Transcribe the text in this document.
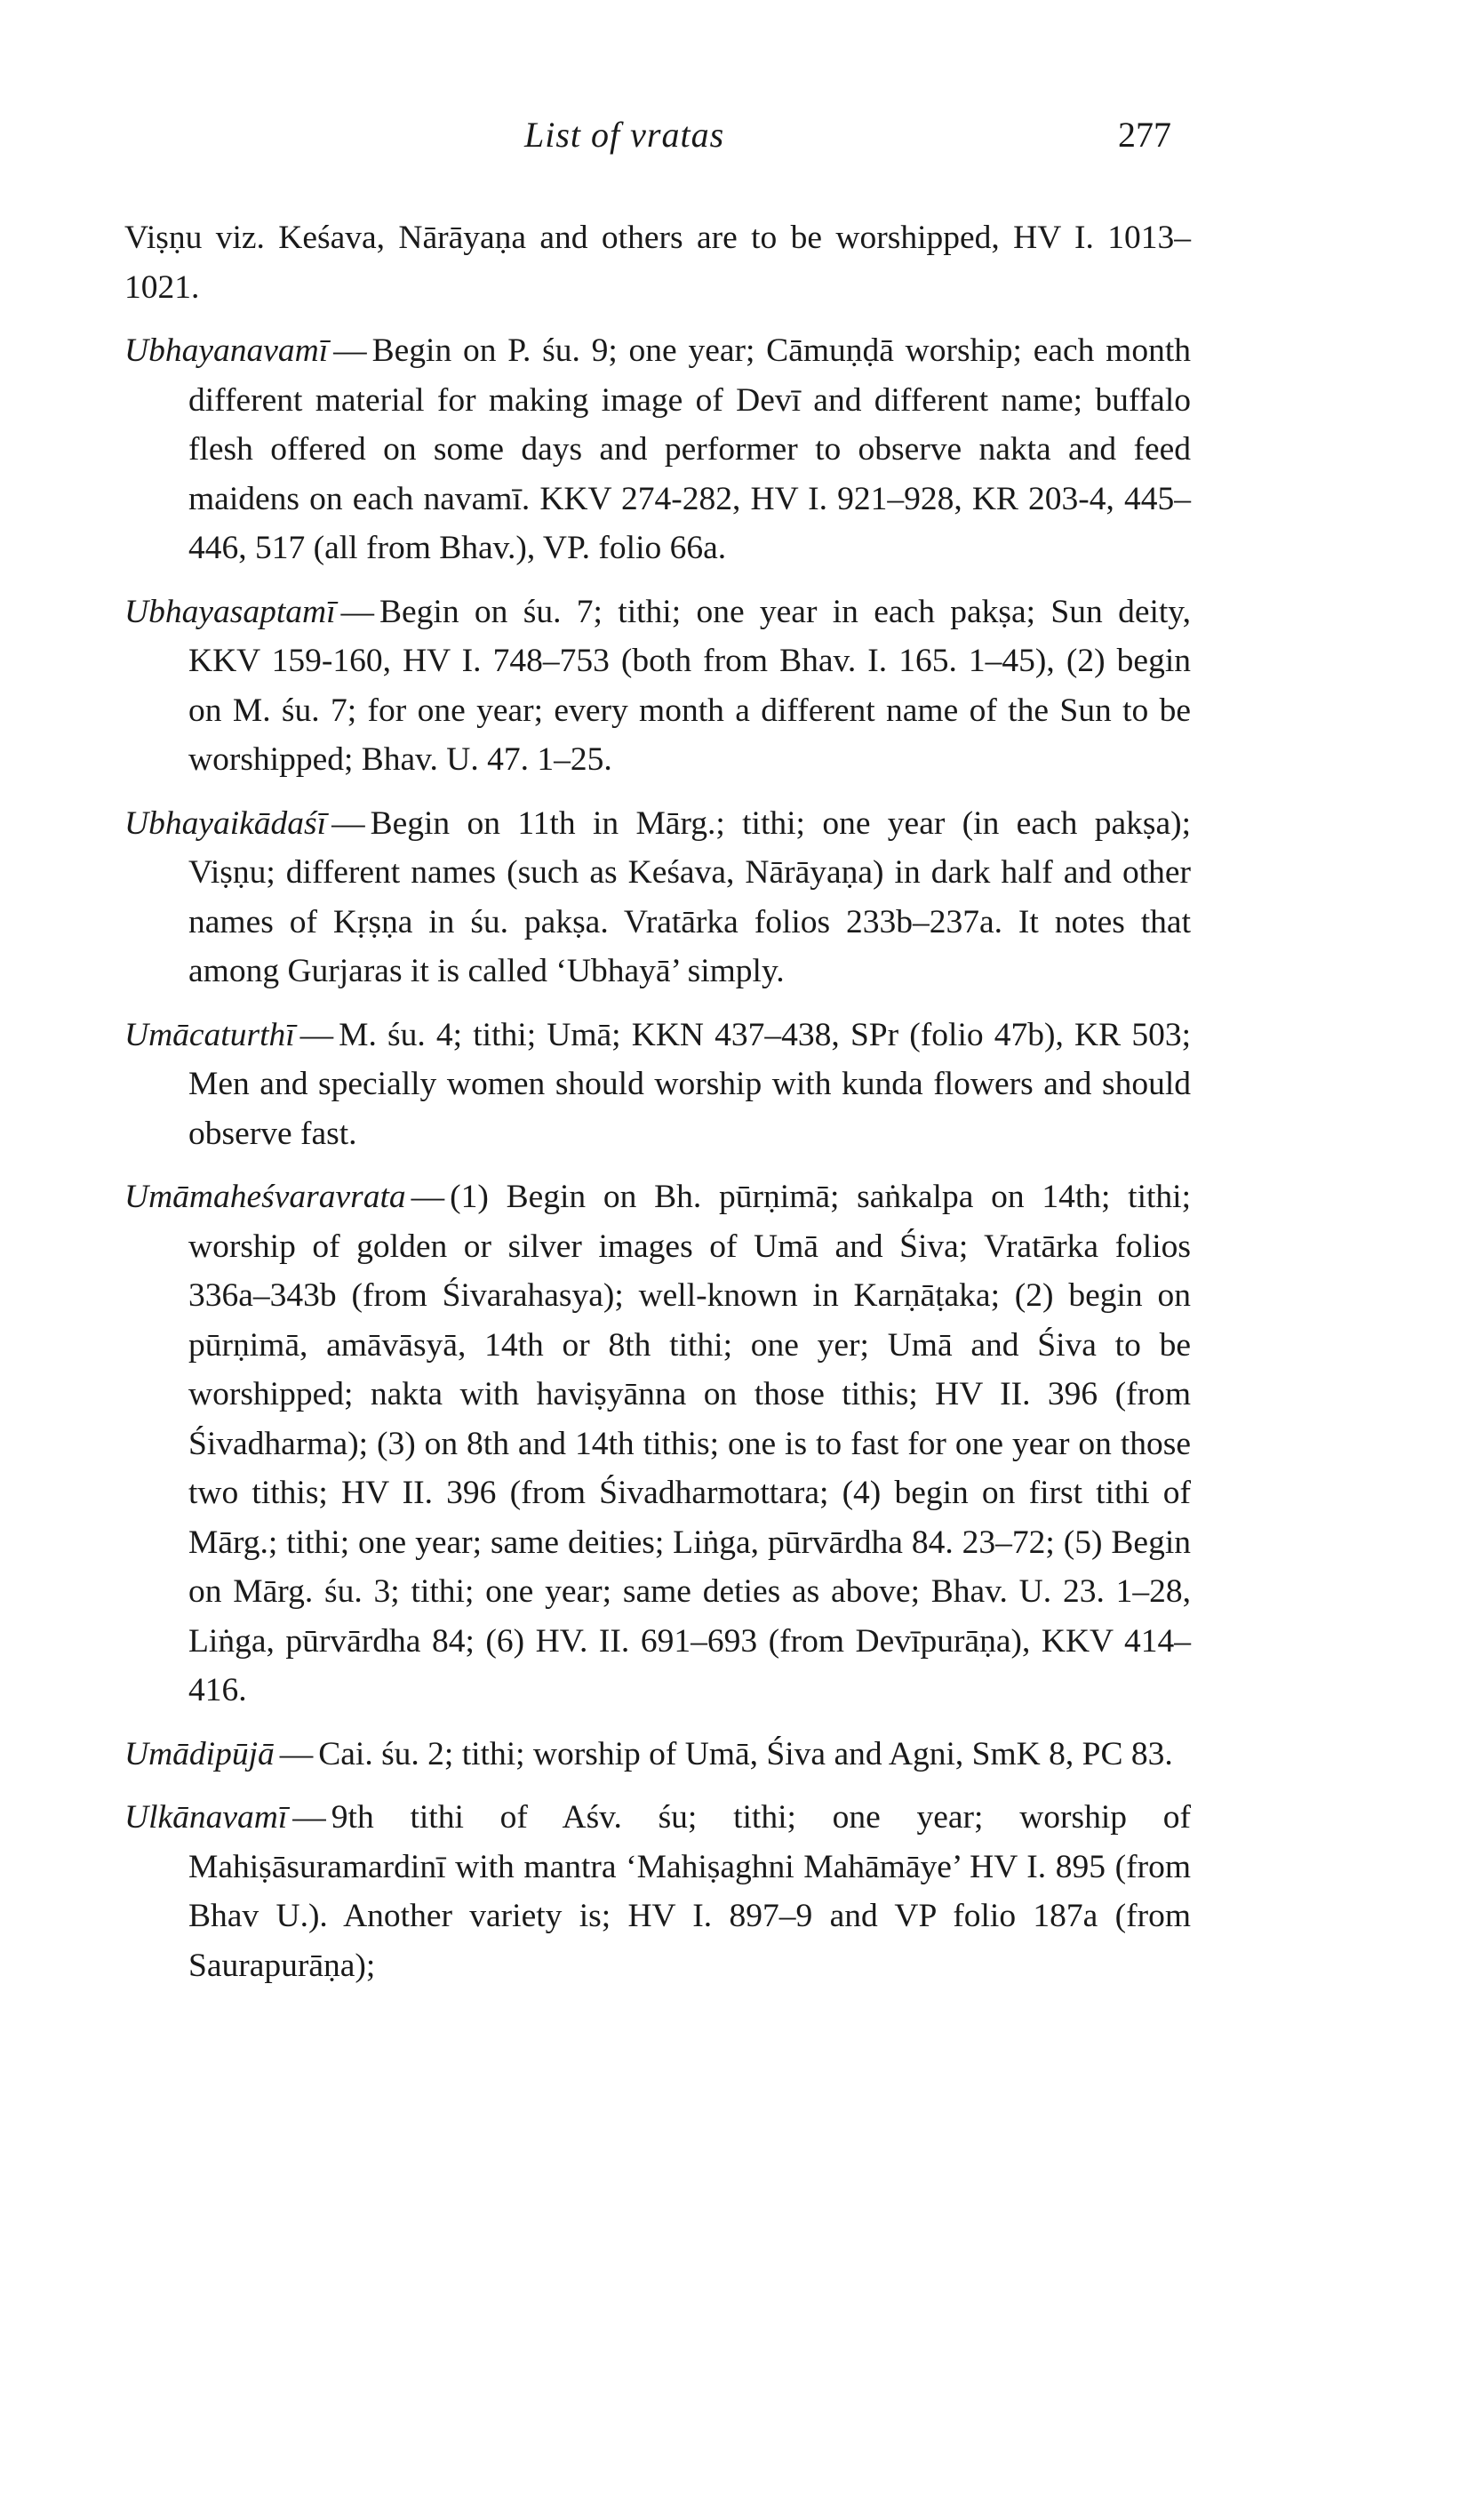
List of vratas	277

Viṣṇu viz. Keśava, Nārāyaṇa and others are to be worshipped, HV I. 1013–1021.

Ubhayanavamī — Begin on P. śu. 9; one year; Cāmuṇḍā worship; each month different material for making image of Devī and different name; buffalo flesh offered on some days and performer to observe nakta and feed maidens on each navamī. KKV 274-282, HV I. 921–928, KR 203-4, 445–446, 517 (all from Bhav.), VP. folio 66a.

Ubhayasaptamī — Begin on śu. 7; tithi; one year in each pakṣa; Sun deity, KKV 159-160, HV I. 748–753 (both from Bhav. I. 165. 1–45), (2) begin on M. śu. 7; for one year; every month a different name of the Sun to be worshipped; Bhav. U. 47. 1–25.

Ubhayaikādaśī — Begin on 11th in Mārg.; tithi; one year (in each pakṣa); Viṣṇu; different names (such as Keśava, Nārāyaṇa) in dark half and other names of Kṛṣṇa in śu. pakṣa. Vratārka folios 233b–237a. It notes that among Gurjaras it is called ‘Ubhayā’ simply.

Umācaturthī — M. śu. 4; tithi; Umā; KKN 437–438, SPr (folio 47b), KR 503; Men and specially women should worship with kunda flowers and should observe fast.

Umāmaheśvaravrata — (1) Begin on Bh. pūrṇimā; saṅkalpa on 14th; tithi; worship of golden or silver images of Umā and Śiva; Vratārka folios 336a–343b (from Śivarahasya); well-known in Karṇāṭaka; (2) begin on pūrṇimā, amāvāsyā, 14th or 8th tithi; one yer; Umā and Śiva to be worshipped; nakta with haviṣyānna on those tithis; HV II. 396 (from Śivadharma); (3) on 8th and 14th tithis; one is to fast for one year on those two tithis; HV II. 396 (from Śivadharmottara; (4) begin on first tithi of Mārg.; tithi; one year; same deities; Liṅga, pūrvārdha 84. 23–72; (5) Begin on Mārg. śu. 3; tithi; one year; same deties as above; Bhav. U. 23. 1–28, Liṅga, pūrvārdha 84; (6) HV. II. 691–693 (from Devīpurāṇa), KKV 414–416.

Umādipūjā — Cai. śu. 2; tithi; worship of Umā, Śiva and Agni, SmK 8, PC 83.

Ulkānavamī — 9th tithi of Aśv. śu; tithi; one year; worship of Mahiṣāsuramardinī with mantra ‘Mahiṣaghni Mahāmāye’ HV I. 895 (from Bhav U.). Another variety is; HV I. 897–9 and VP folio 187a (from Saurapurāṇa);
